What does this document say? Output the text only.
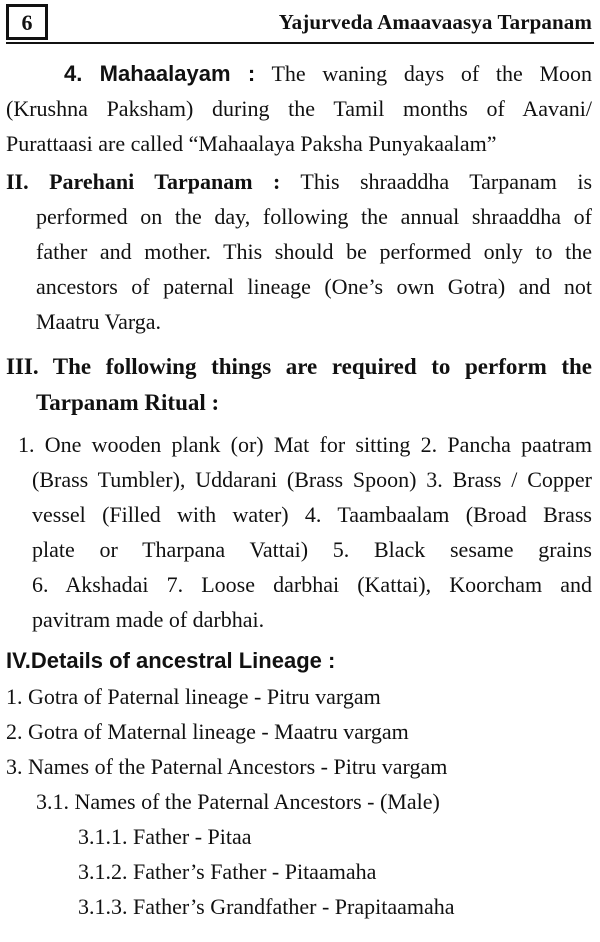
6	Yajurveda Amaavaasya Tarpanam

4. Mahaalayam : The waning days of the Moon

(Krushna Paksham) during the Tamil months of Aavani/

Purattaasi are called “Mahaalaya Paksha Punyakaalam”

II. Parehani Tarpanam : This shraaddha Tarpanam is

performed on the day, following the annual shraaddha of

father and mother. This should be performed only to the

ancestors of paternal lineage (One’s own Gotra) and not

Maatru Varga.

III. The following things are required to perform the

Tarpanam Ritual :

1. One wooden plank (or) Mat for sitting 2. Pancha paatram

(Brass Tumbler), Uddarani (Brass Spoon) 3. Brass / Copper

vessel (Filled with water) 4. Taambaalam (Broad Brass

plate or Tharpana Vattai) 5. Black sesame grains

6. Akshadai 7. Loose darbhai (Kattai), Koorcham and

pavitram made of darbhai.

IV.Details of ancestral Lineage :

1. Gotra of Paternal lineage - Pitru vargam

2. Gotra of Maternal lineage - Maatru vargam

3. Names of the Paternal Ancestors - Pitru vargam

3.1. Names of the Paternal Ancestors - (Male)

3.1.1. Father - Pitaa

3.1.2. Father’s Father - Pitaamaha

3.1.3. Father’s Grandfather - Prapitaamaha
